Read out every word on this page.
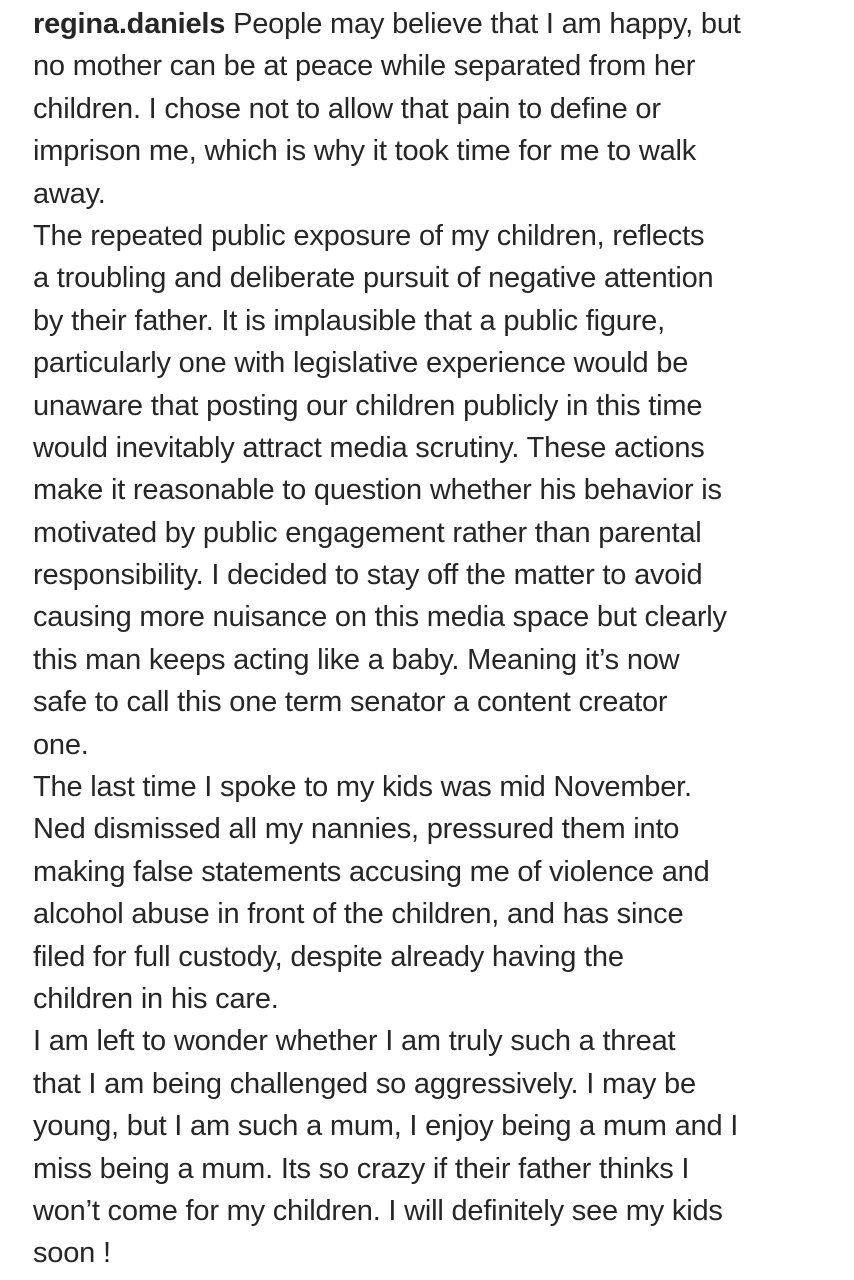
regina.daniels People may believe that I am happy, but
no mother can be at peace while separated from her
children. I chose not to allow that pain to define or
imprison me, which is why it took time for me to walk
away.
The repeated public exposure of my children, reflects
a troubling and deliberate pursuit of negative attention
by their father. It is implausible that a public figure,
particularly one with legislative experience would be
unaware that posting our children publicly in this time
would inevitably attract media scrutiny. These actions
make it reasonable to question whether his behavior is
motivated by public engagement rather than parental
responsibility. I decided to stay off the matter to avoid
causing more nuisance on this media space but clearly
this man keeps acting like a baby. Meaning it’s now
safe to call this one term senator a content creator
one.
The last time I spoke to my kids was mid November.
Ned dismissed all my nannies, pressured them into
making false statements accusing me of violence and
alcohol abuse in front of the children, and has since
filed for full custody, despite already having the
children in his care.
I am left to wonder whether I am truly such a threat
that I am being challenged so aggressively. I may be
young, but I am such a mum, I enjoy being a mum and I
miss being a mum. Its so crazy if their father thinks I
won’t come for my children. I will definitely see my kids
soon !
